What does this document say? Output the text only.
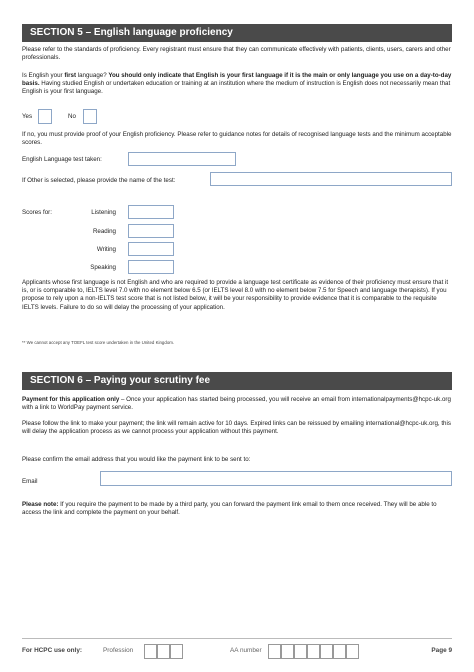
SECTION 5 – English language proficiency
Please refer to the standards of proficiency. Every registrant must ensure that they can communicate effectively with patients, clients, users, carers and other professionals.
Is English your first language? You should only indicate that English is your first language if it is the main or only language you use on a day-to-day basis. Having studied English or undertaken education or training at an institution where the medium of instruction is English does not necessarily mean that English is your first language.
Yes	No
If no, you must provide proof of your English proficiency. Please refer to guidance notes for details of recognised language tests and the minimum acceptable scores.
English Language test taken:
If Other is selected, please provide the name of the test:
Scores for:	Listening
Reading
Writing
Speaking
Applicants whose first language is not English and who are required to provide a language test certificate as evidence of their proficiency must ensure that it is, or is comparable to, IELTS level 7.0 with no element below 6.5 (or IELTS level 8.0 with no element below 7.5 for Speech and language therapists). If you propose to rely upon a non-IELTS test score that is not listed below, it will be your responsibility to provide evidence that it is comparable to the requisite IELTS levels. Failure to do so will delay the processing of your application.
** We cannot accept any TOEFL test score undertaken in the United Kingdom.
SECTION 6 – Paying your scrutiny fee
Payment for this application only – Once your application has started being processed, you will receive an email from internationalpayments@hcpc-uk.org with a link to WorldPay payment service.
Please follow the link to make your payment; the link will remain active for 10 days. Expired links can be reissued by emailing international@hcpc-uk.org, this will delay the application process as we cannot process your application without this payment.
Please confirm the email address that you would like the payment link to be sent to:
Email
Please note: If you require the payment to be made by a third party, you can forward the payment link email to them once received. They will be able to access the link and complete the payment on your behalf.
For HCPC use only:	Profession	AA number	Page 9
